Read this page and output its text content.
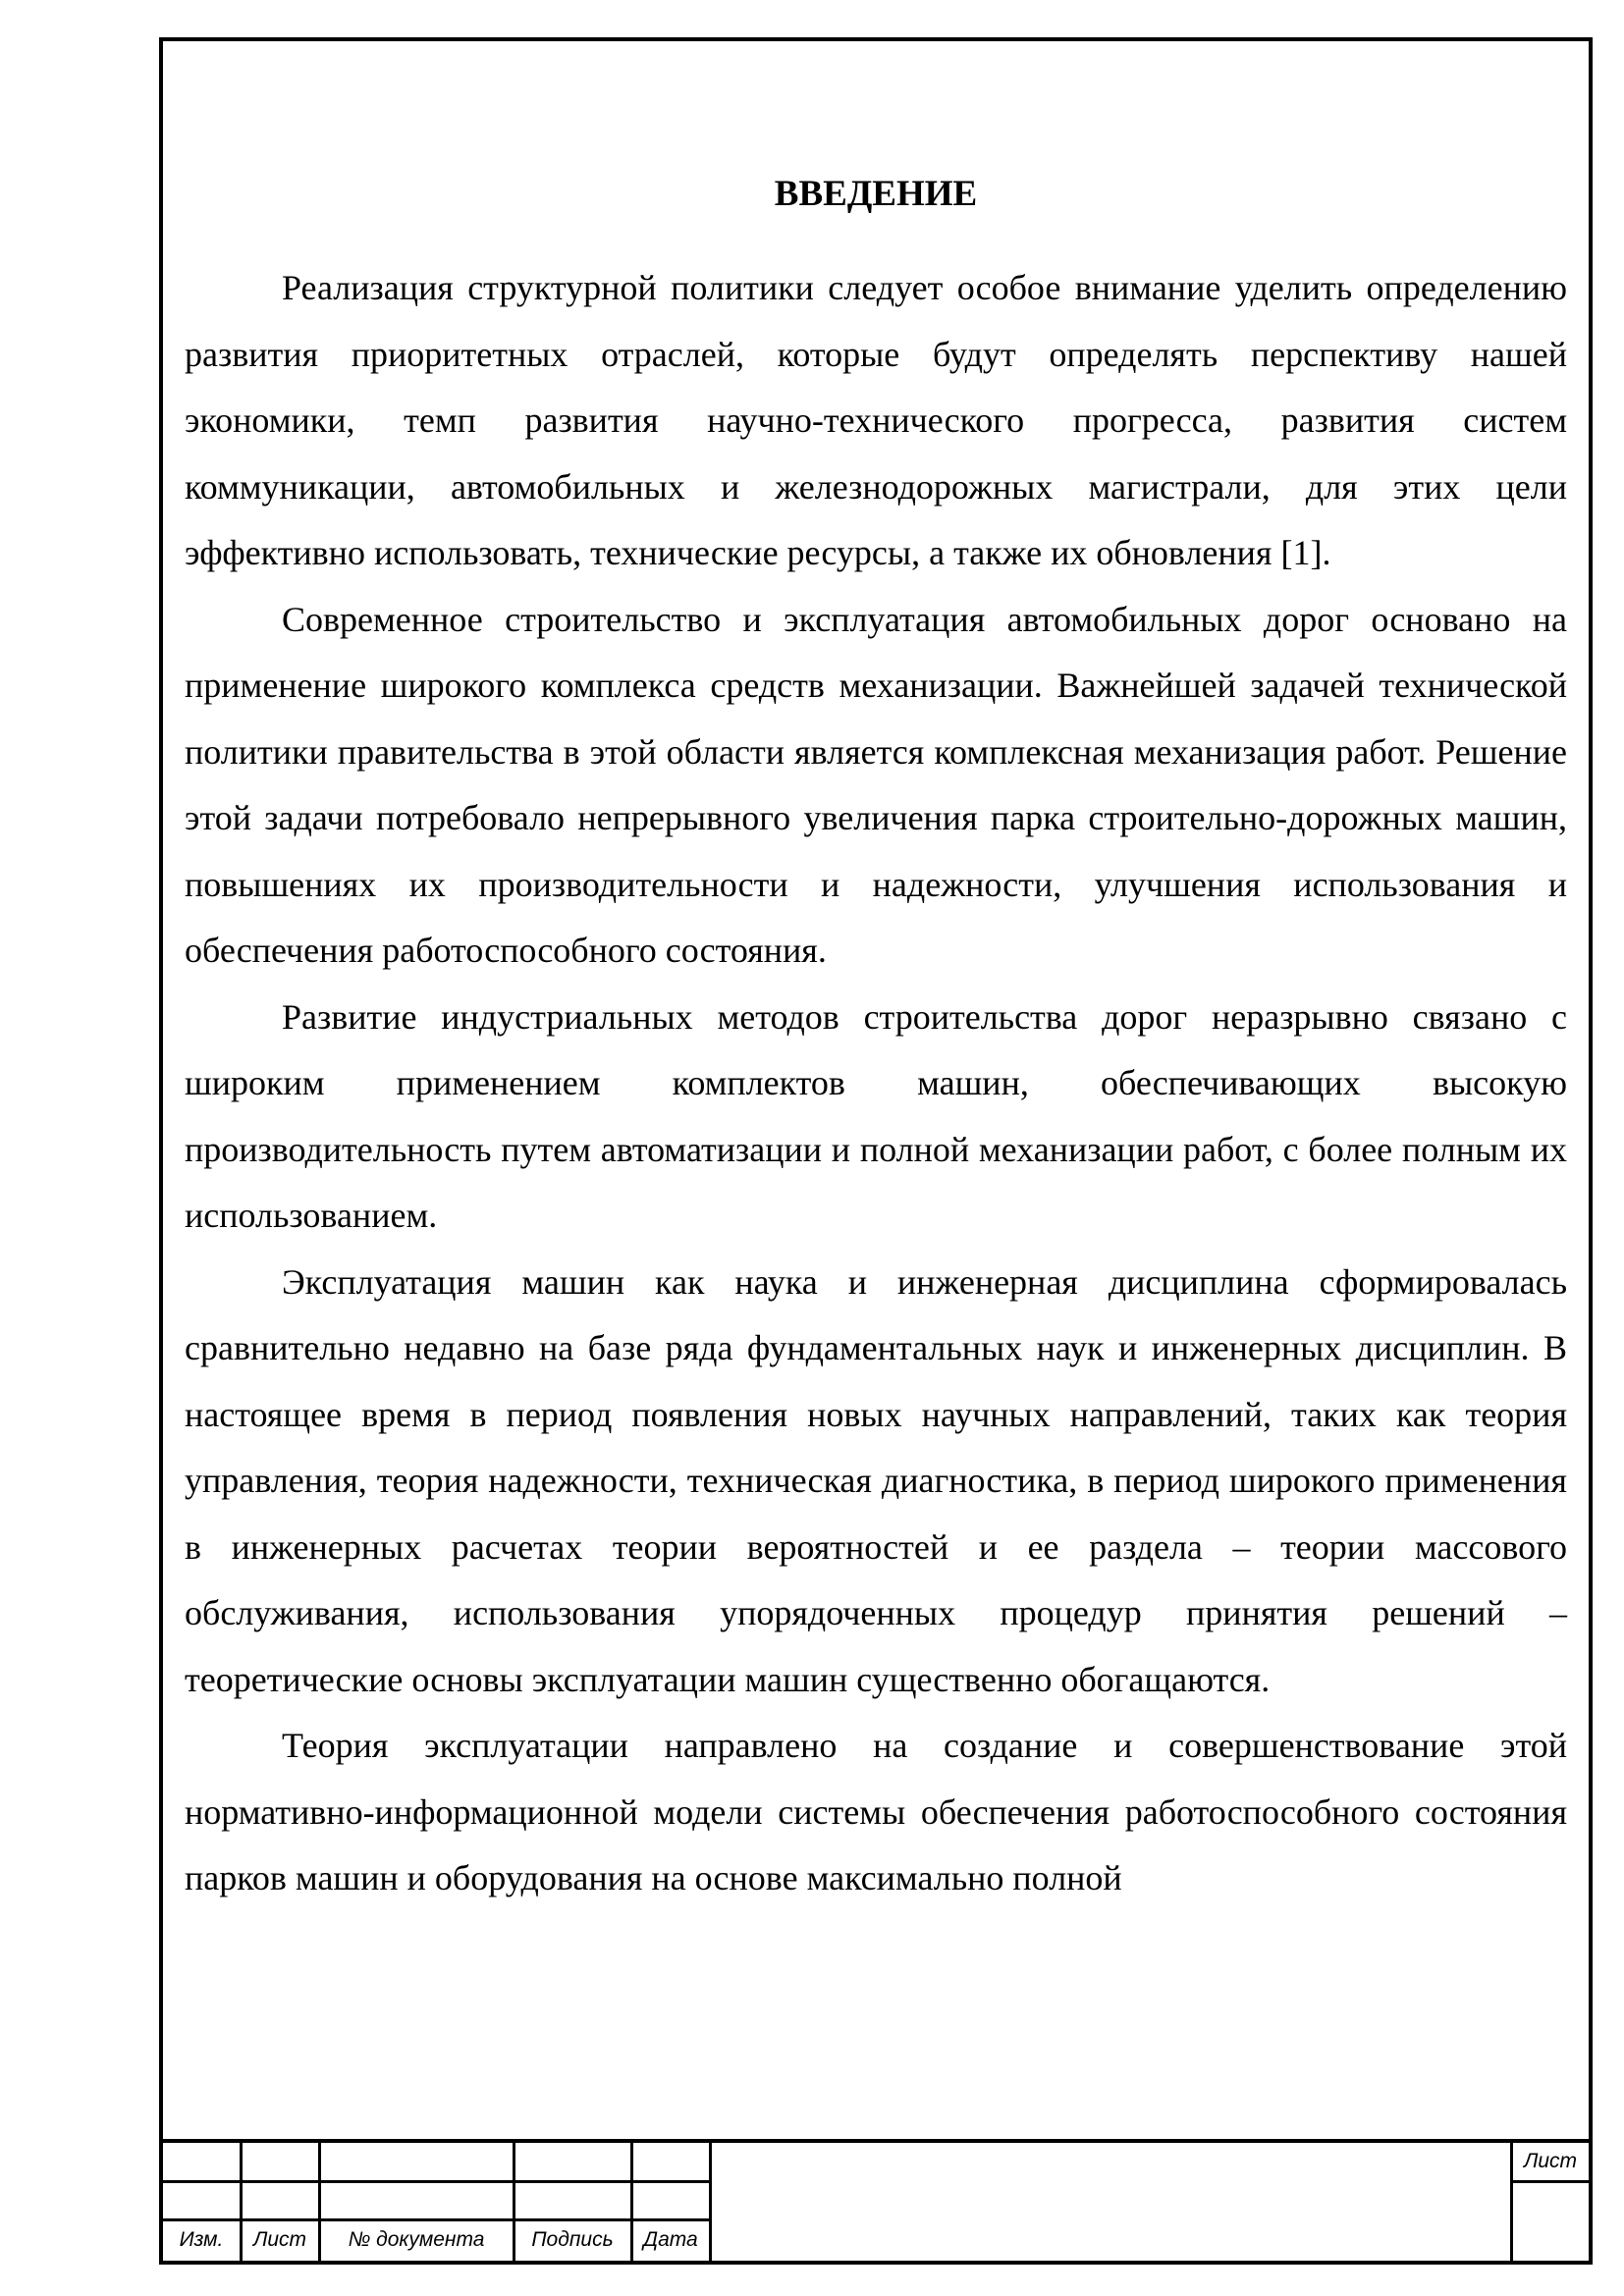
ВВЕДЕНИЕ
Изм.	Лист	№ документа	Подпись	Дата
Лист

Реализация структурной политики следует особое внимание уделить определению развития приоритетных отраслей, которые будут определять перспективу нашей экономики, темп развития научно-технического прогресса, развития систем коммуникации, автомобильных и железнодорожных магистрали, для этих цели эффективно использовать, технические ресурсы, а также их обновления [1].

Современное строительство и эксплуатация автомобильных дорог основано на применение широкого комплекса средств механизации. Важнейшей задачей технической политики правительства в этой области является комплексная механизация работ. Решение этой задачи потребовало непрерывного увеличения парка строительно-дорожных машин, повышениях их производительности и надежности, улучшения использования и обеспечения работоспособного состояния.

Развитие индустриальных методов строительства дорог неразрывно связано с широким применением комплектов машин, обеспечивающих высокую производительность путем автоматизации и полной механизации работ, с более полным их использованием.

Эксплуатация машин как наука и инженерная дисциплина сформировалась сравнительно недавно на базе ряда фундаментальных наук и инженерных дисциплин. В настоящее время в период появления новых научных направлений, таких как теория управления, теория надежности, техническая диагностика, в период широкого применения в инженерных расчетах теории вероятностей и ее раздела – теории массового обслуживания, использования упорядоченных процедур принятия решений – теоретические основы эксплуатации машин существенно обогащаются.

Теория эксплуатации направлено на создание и совершенствование этой нормативно-информационной модели системы обеспечения работоспособного состояния парков машин и оборудования на основе максимально полной
